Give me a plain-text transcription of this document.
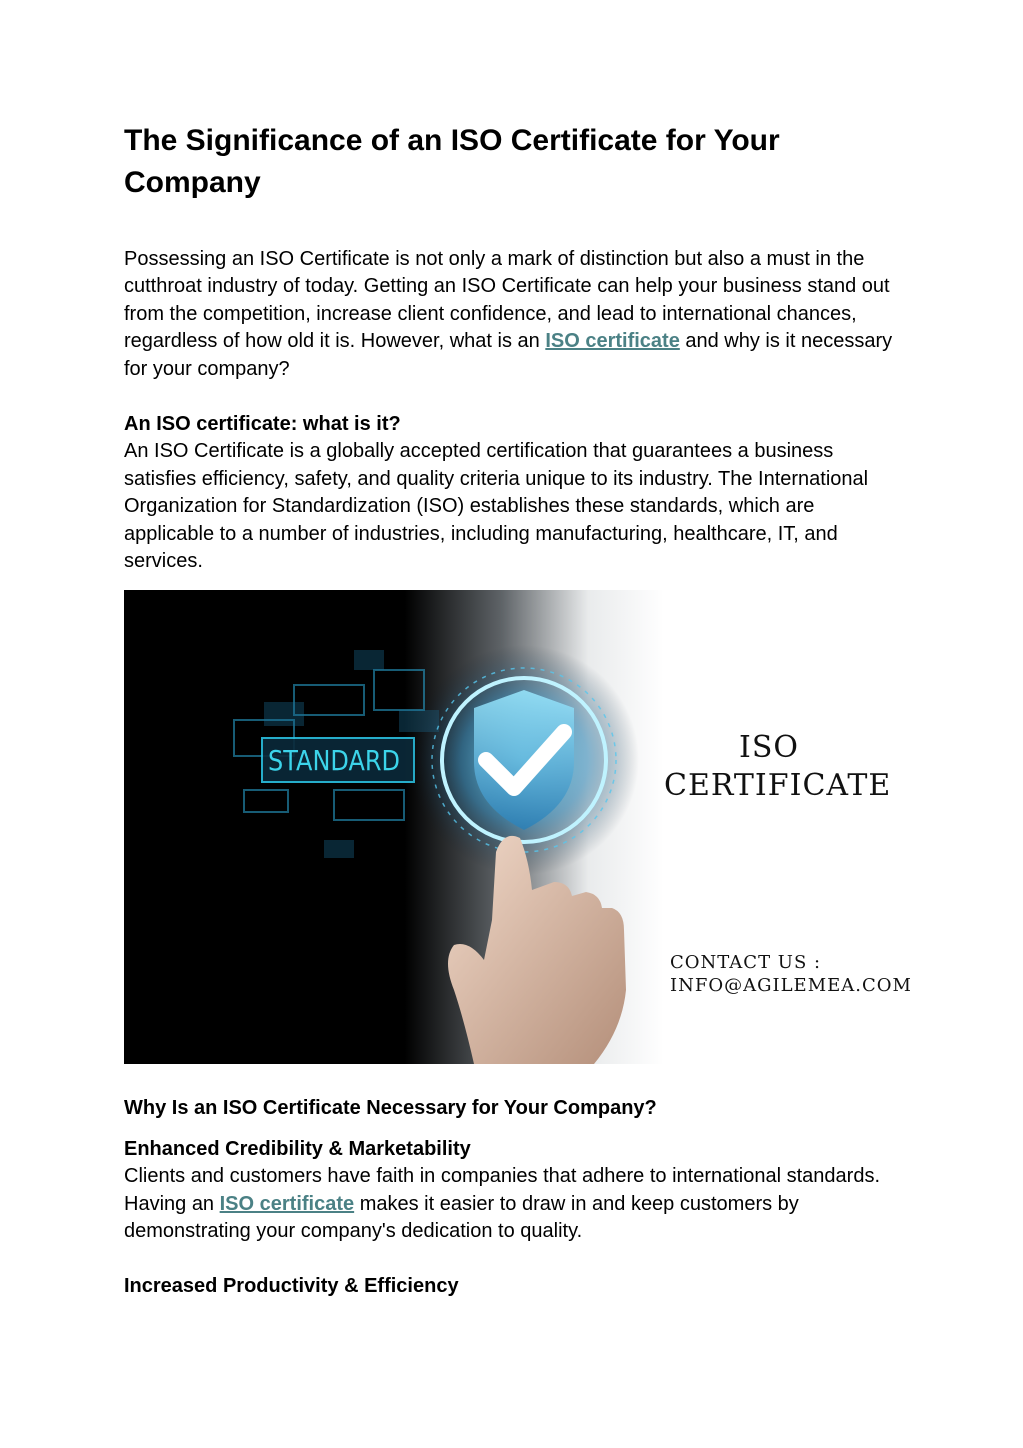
The Significance of an ISO Certificate for Your Company

Possessing an ISO Certificate is not only a mark of distinction but also a must in the cutthroat industry of today. Getting an ISO Certificate can help your business stand out from the competition, increase client confidence, and lead to international chances, regardless of how old it is. However, what is an ISO certificate and why is it necessary for your company?

An ISO certificate: what is it?

An ISO Certificate is a globally accepted certification that guarantees a business satisfies efficiency, safety, and quality criteria unique to its industry. The International Organization for Standardization (ISO) establishes these standards, which are applicable to a number of industries, including manufacturing, healthcare, IT, and services.

STANDARD	ISO
CERTIFICATE
CONTACT US :
INFO@AGILEMEA.COM

Why Is an ISO Certificate Necessary for Your Company?

Enhanced Credibility & Marketability

Clients and customers have faith in companies that adhere to international standards. Having an ISO certificate makes it easier to draw in and keep customers by demonstrating your company's dedication to quality.

Increased Productivity & Efficiency
